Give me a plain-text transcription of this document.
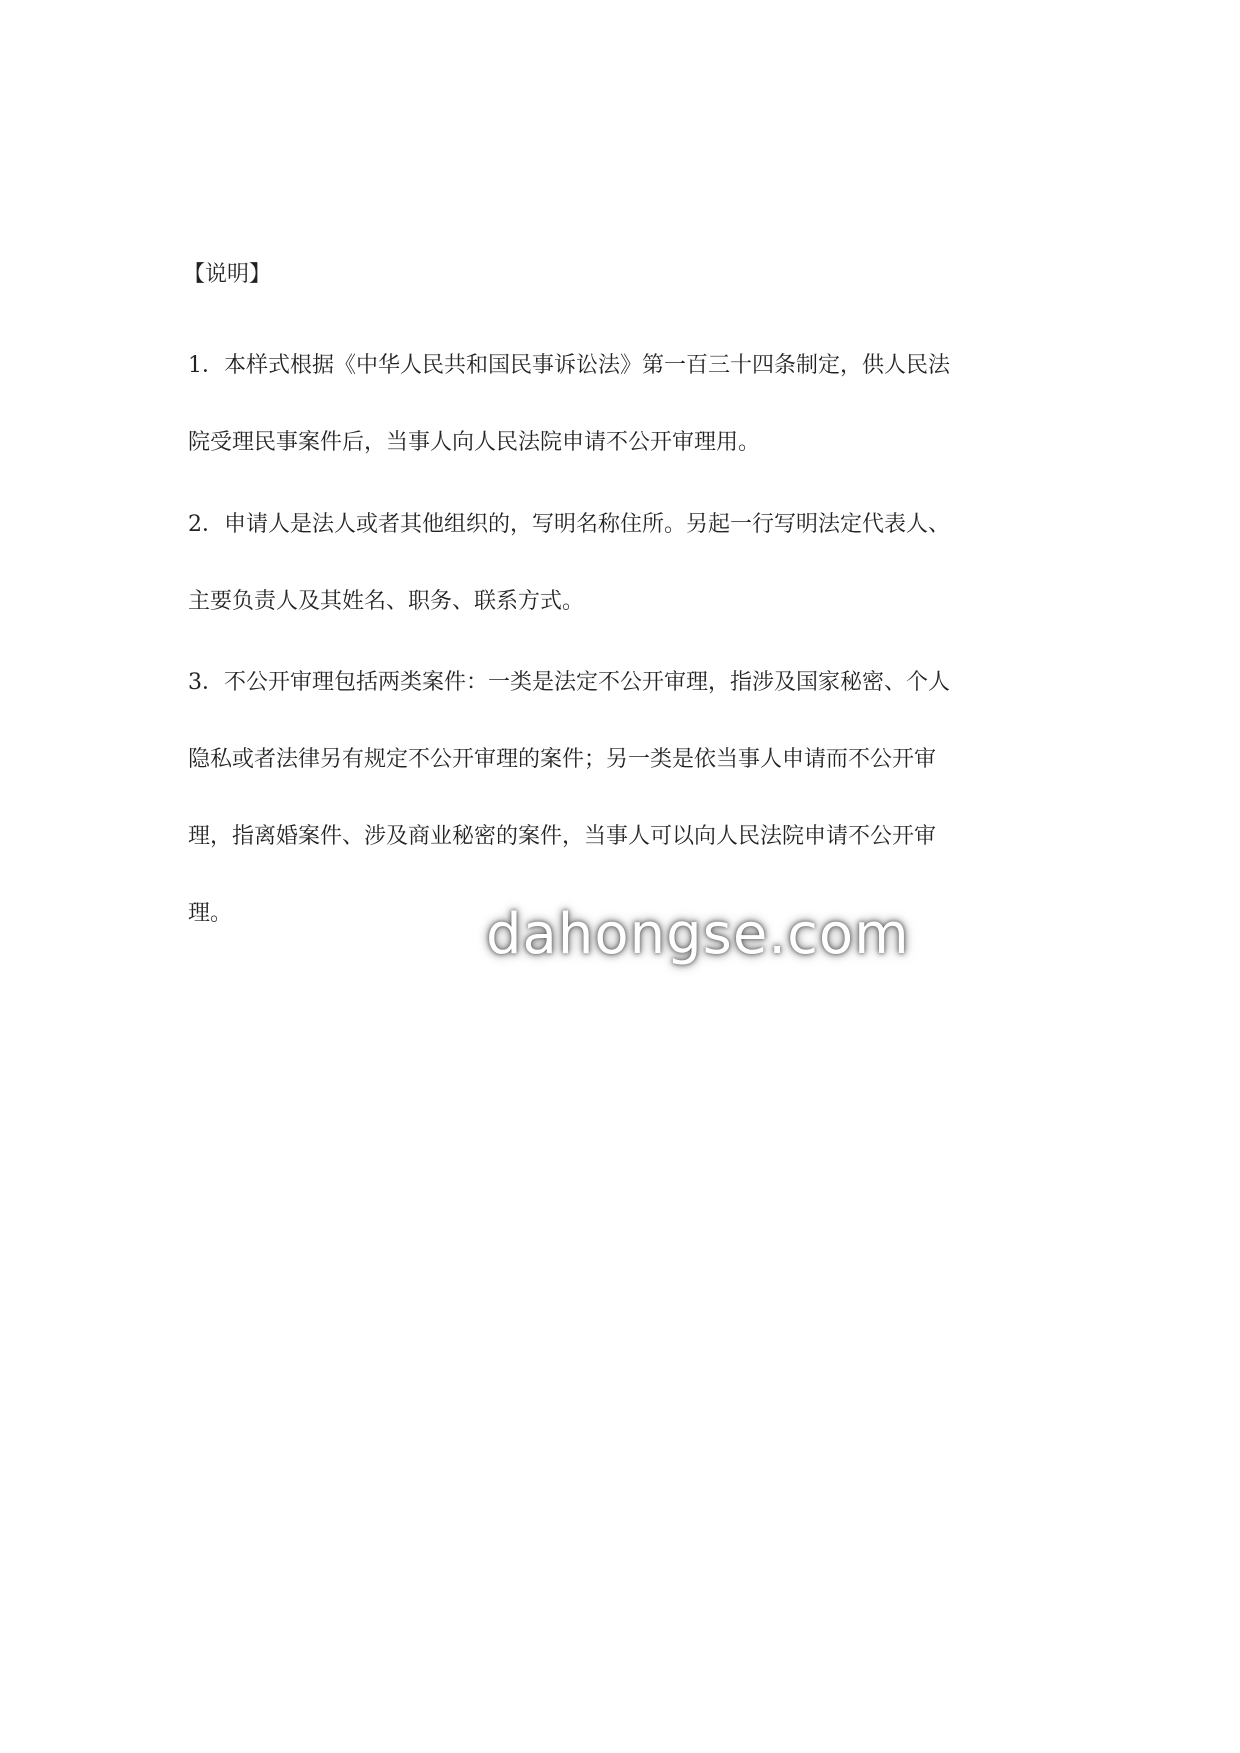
【说明】

1．本样式根据《中华人民共和国民事诉讼法》第一百三十四条制定，供人民法
院受理民事案件后，当事人向人民法院申请不公开审理用。

2．申请人是法人或者其他组织的，写明名称住所。另起一行写明法定代表人、
主要负责人及其姓名、职务、联系方式。

3．不公开审理包括两类案件：一类是法定不公开审理，指涉及国家秘密、个人
隐私或者法律另有规定不公开审理的案件；另一类是依当事人申请而不公开审
理，指离婚案件、涉及商业秘密的案件，当事人可以向人民法院申请不公开审
理。	dahongse.com
